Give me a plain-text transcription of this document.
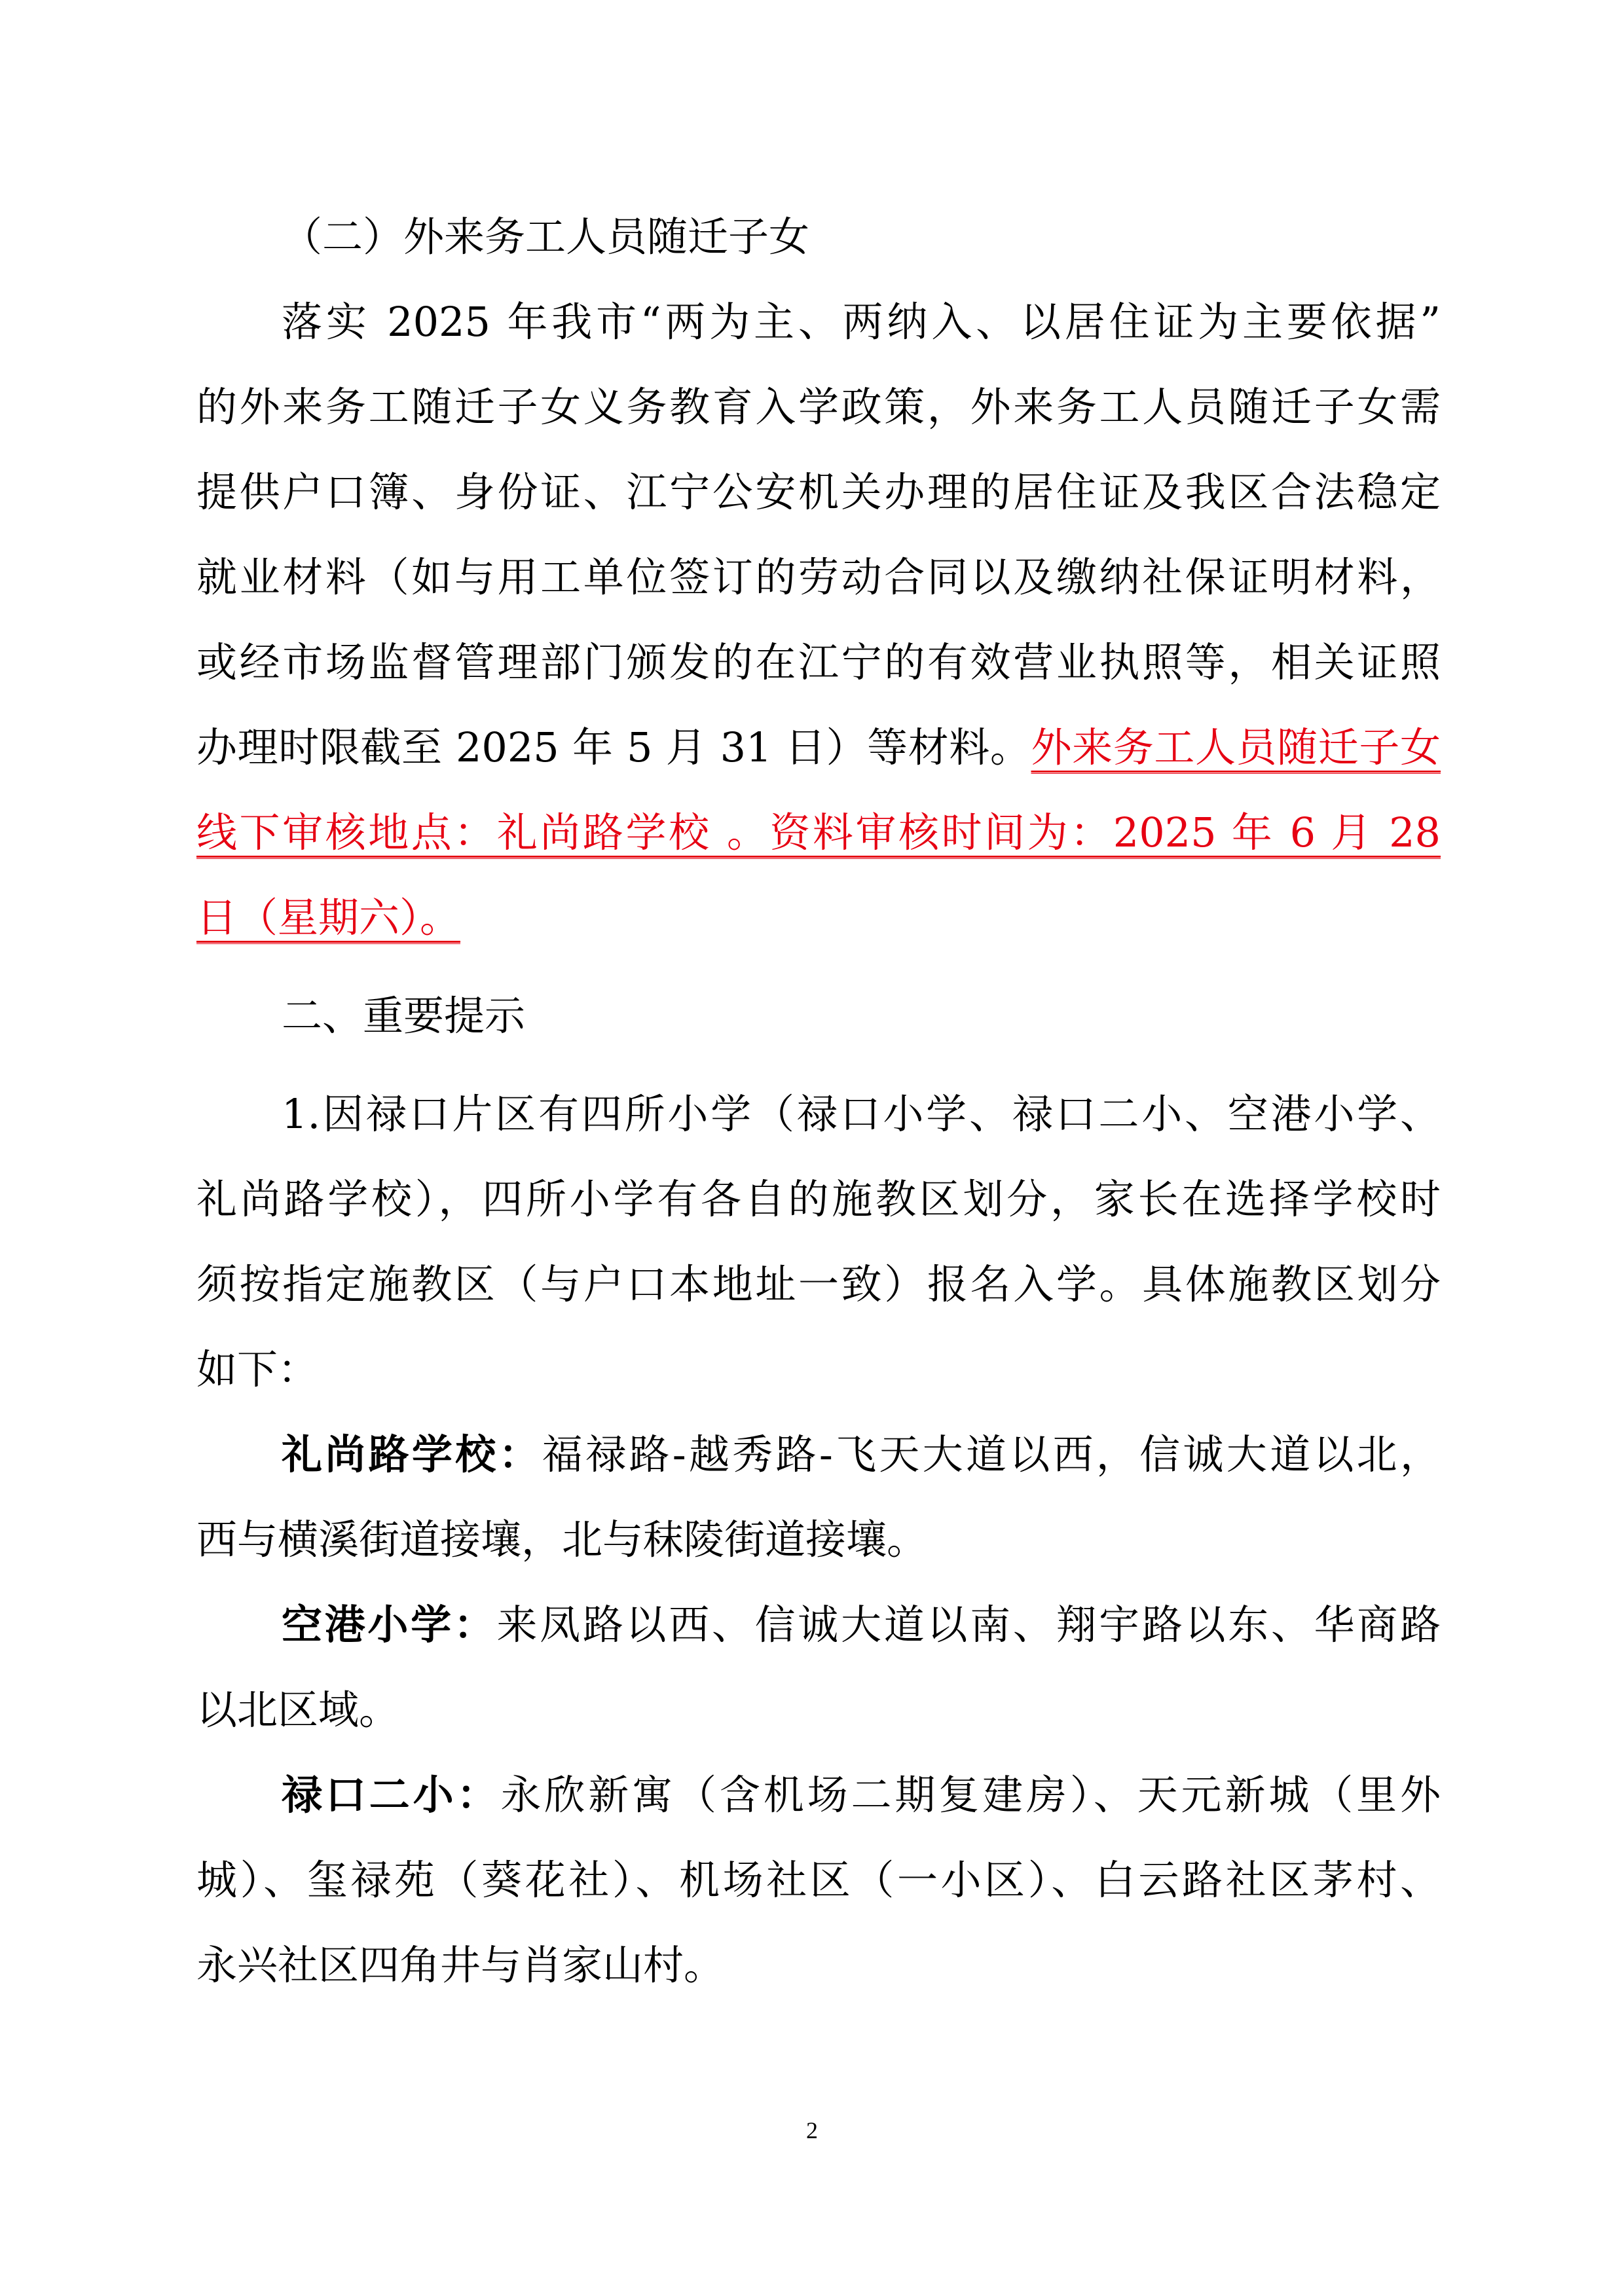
（二）外来务工人员随迁子女
落实 2025 年我市“两为主、两纳入、以居住证为主要依据”
的外来务工随迁子女义务教育入学政策，外来务工人员随迁子女需
提供户口簿、身份证、江宁公安机关办理的居住证及我区合法稳定
就业材料（如与用工单位签订的劳动合同以及缴纳社保证明材料，
或经市场监督管理部门颁发的在江宁的有效营业执照等，相关证照
办理时限截至 2025 年 5 月 31 日）等材料。外来务工人员随迁子女
线下审核地点：礼尚路学校 。资料审核时间为：2025 年 6 月 28
日（星期六）。
二、重要提示
1.因禄口片区有四所小学（禄口小学、禄口二小、空港小学、
礼尚路学校），四所小学有各自的施教区划分，家长在选择学校时
须按指定施教区（与户口本地址一致）报名入学。具体施教区划分
如下：
礼尚路学校：福禄路-越秀路-飞天大道以西，信诚大道以北，
西与横溪街道接壤，北与秣陵街道接壤。
空港小学：来凤路以西、信诚大道以南、翔宇路以东、华商路
以北区域。
禄口二小：永欣新寓（含机场二期复建房）、天元新城（里外
城）、玺禄苑（葵花社）、机场社区（一小区）、白云路社区茅村、
永兴社区四角井与肖家山村。
2
